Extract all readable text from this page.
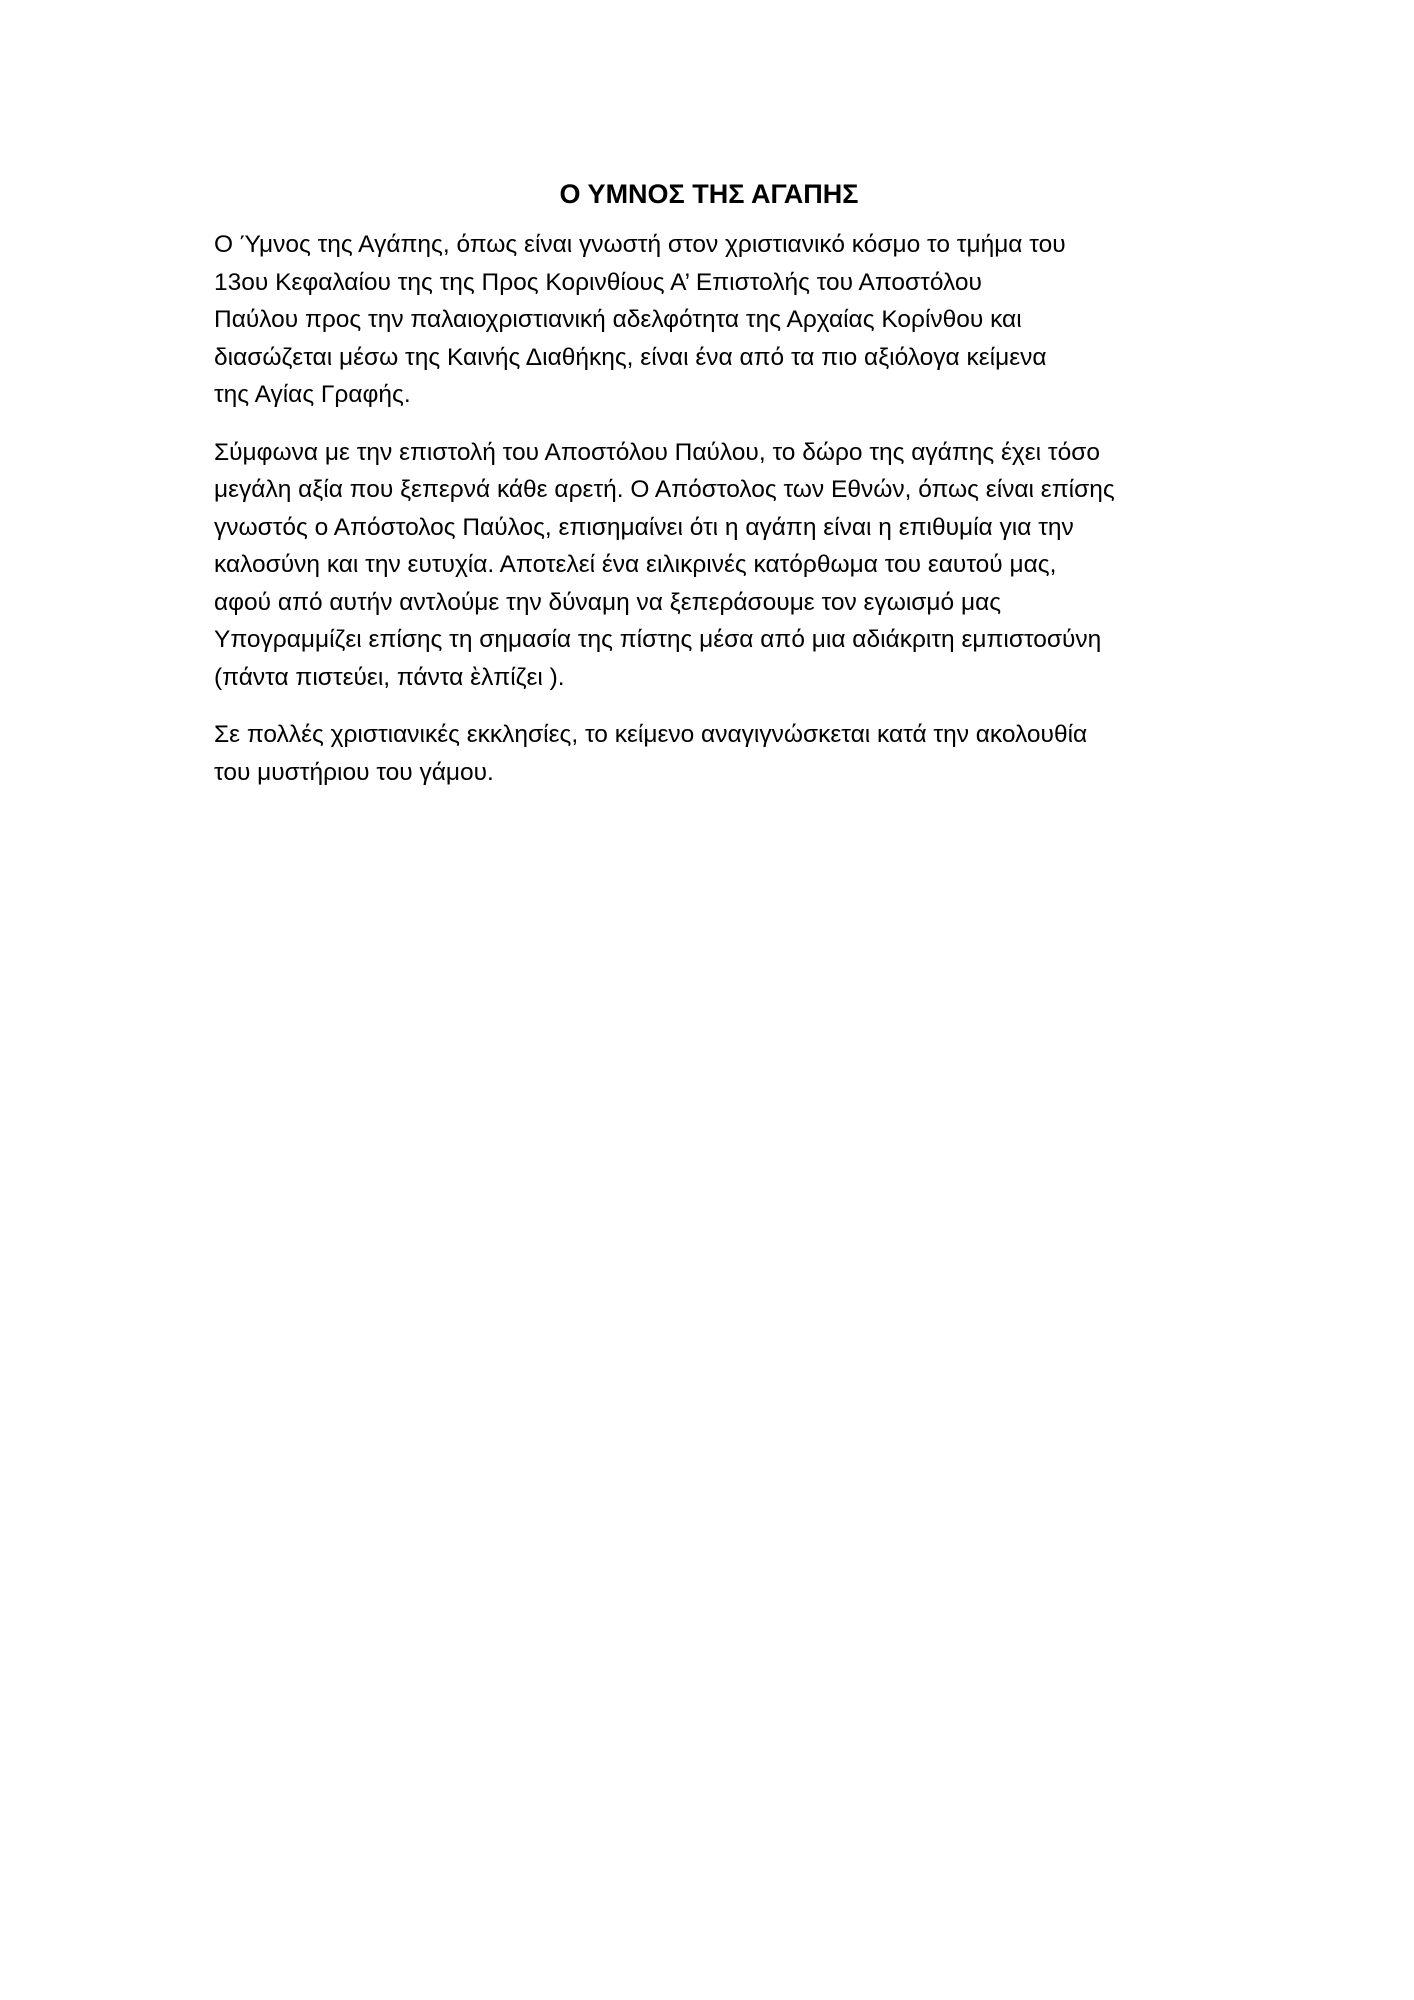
Ο ΥΜΝΟΣ ΤΗΣ ΑΓΑΠΗΣ
Ο Ύμνος της Αγάπης, όπως είναι γνωστή στον χριστιανικό κόσμο το τμήμα του
13ου Κεφαλαίου της της Προς Κορινθίους Α’ Επιστολής του Αποστόλου
Παύλου προς την παλαιοχριστιανική αδελφότητα της Αρχαίας Κορίνθου και
διασώζεται μέσω της Καινής Διαθήκης, είναι ένα από τα πιο αξιόλογα κείμενα
της Αγίας Γραφής.
Σύμφωνα με την επιστολή του Αποστόλου Παύλου, το δώρο της αγάπης έχει τόσο
μεγάλη αξία που ξεπερνά κάθε αρετή. Ο Απόστολος των Εθνών, όπως είναι επίσης
γνωστός ο Απόστολος Παύλος, επισημαίνει ότι η αγάπη είναι η επιθυμία για την
καλοσύνη και την ευτυχία. Αποτελεί ένα ειλικρινές κατόρθωμα του εαυτού μας,
αφού από αυτήν αντλούμε την δύναμη να ξεπεράσουμε τον εγωισμό μας
Υπογραμμίζει επίσης τη σημασία της πίστης μέσα από μια αδιάκριτη εμπιστοσύνη
(πάντα πιστεύει, πάντα ὲλπίζει ).
Σε πολλές χριστιανικές εκκλησίες, το κείμενο αναγιγνώσκεται κατά την ακολουθία
του μυστήριου του γάμου.
